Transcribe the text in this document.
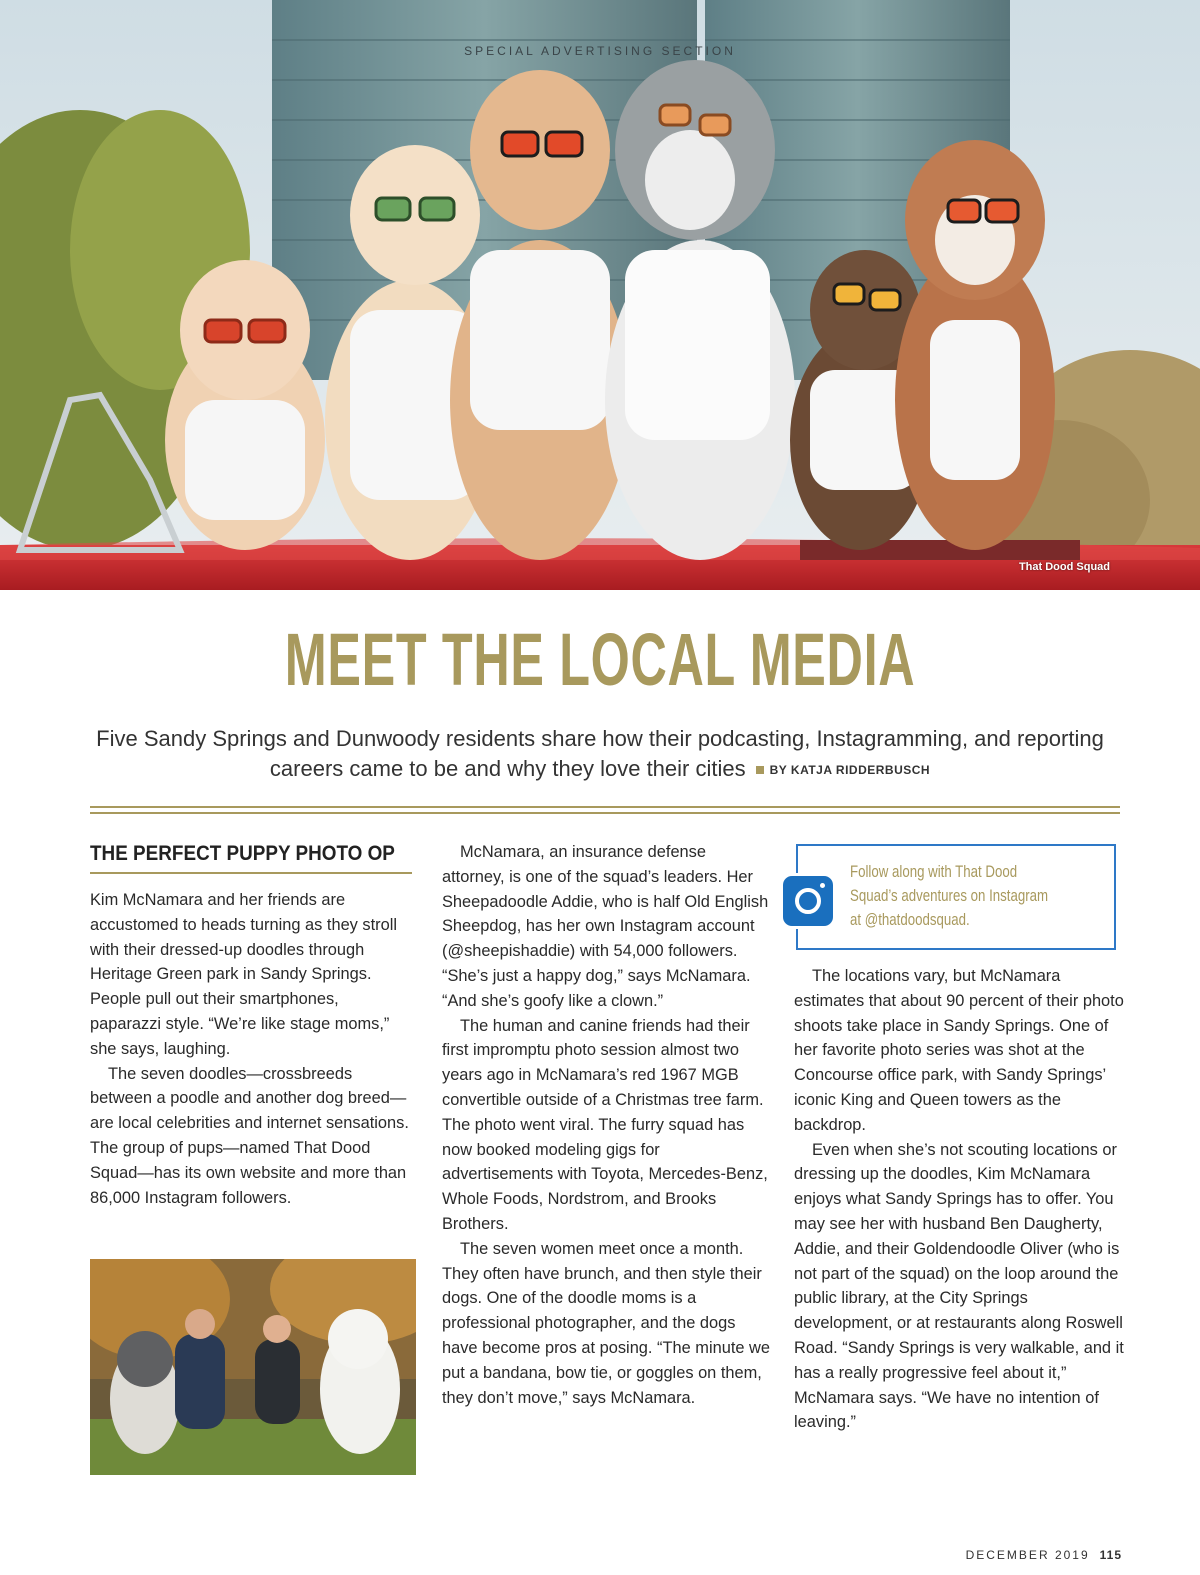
SPECIAL ADVERTISING SECTION
That Dood Squad
MEET THE LOCAL MEDIA
Five Sandy Springs and Dunwoody residents share how their podcasting, Instagramming, and reporting careers came to be and why they love their cities BY KATJA RIDDERBUSCH
THE PERFECT PUPPY PHOTO OP

Kim McNamara and her friends are accustomed to heads turning as they stroll with their dressed-up doodles through Heritage Green park in Sandy Springs. People pull out their smartphones, paparazzi style. “We’re like stage moms,” she says, laughing.

The seven doodles—crossbreeds between a poodle and another dog breed—are local celebrities and internet sensations. The group of pups—named That Dood Squad—has its own website and more than 86,000 Instagram followers.

McNamara, an insurance defense attorney, is one of the squad’s leaders. Her Sheepadoodle Addie, who is half Old English Sheepdog, has her own Instagram account (@sheepishaddie) with 54,000 followers. “She’s just a happy dog,” says McNamara. “And she’s goofy like a clown.”

The human and canine friends had their first impromptu photo session almost two years ago in McNamara’s red 1967 MGB convertible outside of a Christmas tree farm. The photo went viral. The furry squad has now booked modeling gigs for advertisements with Toyota, Mercedes-Benz, Whole Foods, Nordstrom, and Brooks Brothers.

The seven women meet once a month. They often have brunch, and then style their dogs. One of the doodle moms is a professional photographer, and the dogs have become pros at posing. “The minute we put a bandana, bow tie, or goggles on them, they don’t move,” says McNamara.

Follow along with That Dood
Squad’s adventures on Instagram
at @thatdoodsquad.

The locations vary, but McNamara estimates that about 90 percent of their photo shoots take place in Sandy Springs. One of her favorite photo series was shot at the Concourse office park, with Sandy Springs’ iconic King and Queen towers as the backdrop.

Even when she’s not scouting locations or dressing up the doodles, Kim McNamara enjoys what Sandy Springs has to offer. You may see her with husband Ben Daugherty, Addie, and their Goldendoodle Oliver (who is not part of the squad) on the loop around the public library, at the City Springs development, or at restaurants along Roswell Road. “Sandy Springs is very walkable, and it has a really progressive feel about it,” McNamara says. “We have no intention of leaving.”

DECEMBER 2019 115
